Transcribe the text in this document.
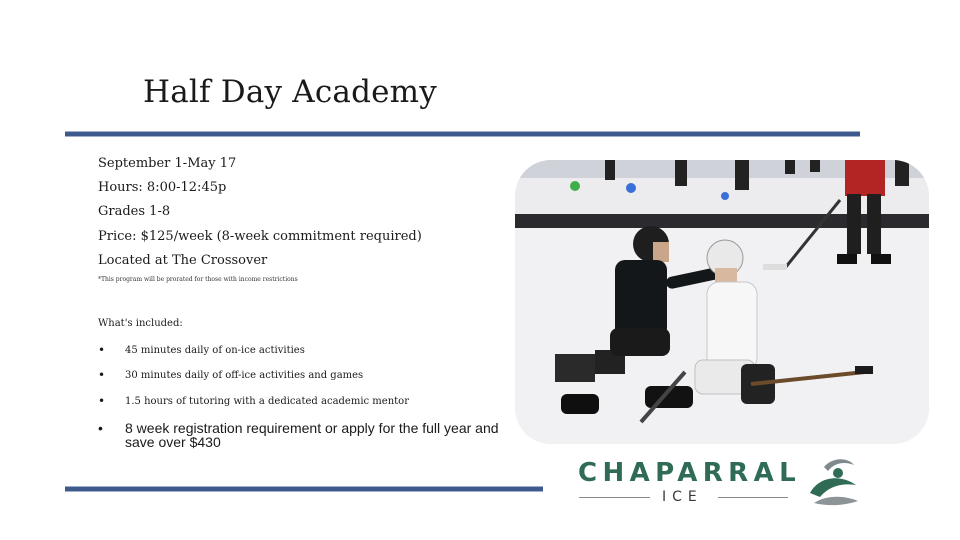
Half Day Academy
September 1-May 17
Hours: 8:00-12:45p
Grades 1-8
Price: $125/week (8-week commitment required)
Located at The Crossover
*This program will be prorated for those with income restrictions
What's included:
• 45 minutes daily of on-ice activities
• 30 minutes daily of off-ice activities and games
• 1.5 hours of tutoring with a dedicated academic mentor
• 8 week registration requirement or apply for the full year and save over $430
CHAPARRAL
ICE
